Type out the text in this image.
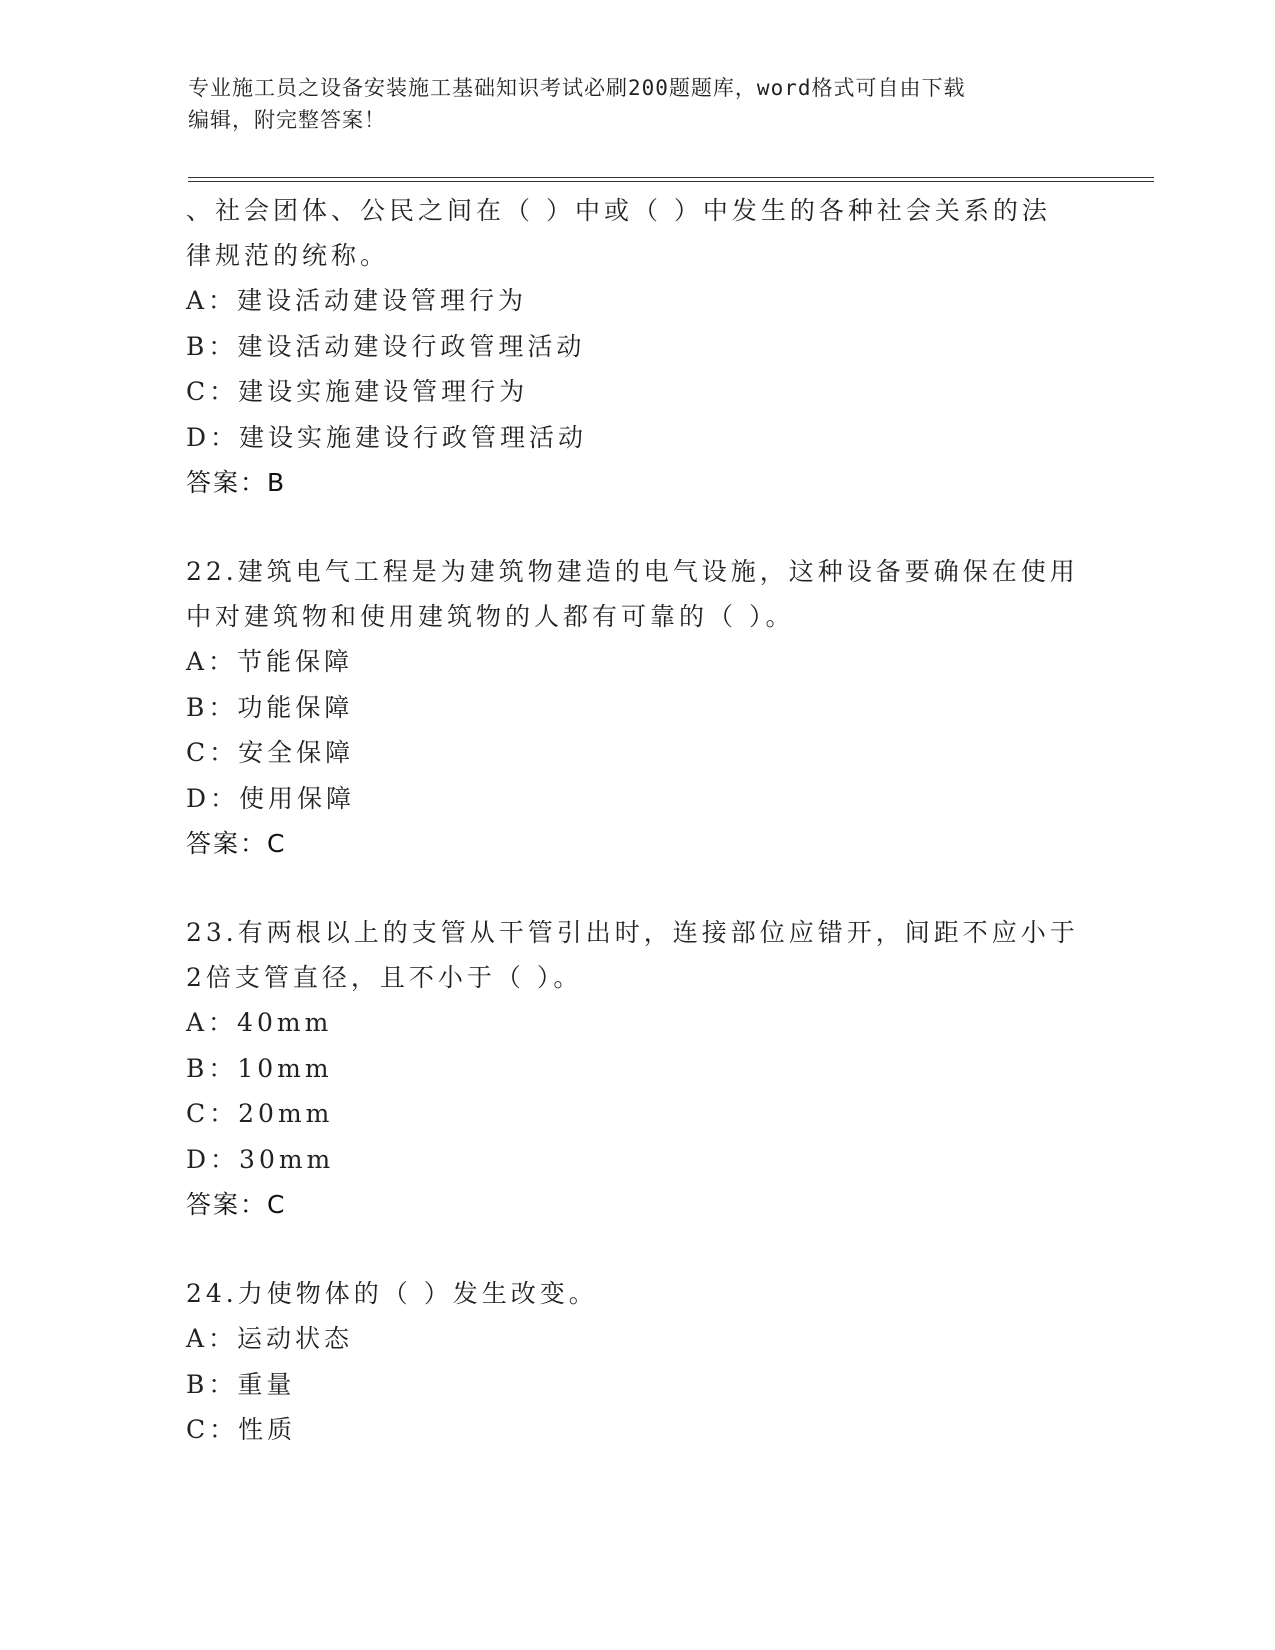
专业施工员之设备安装施工基础知识考试必刷200题题库，word格式可自由下载
编辑，附完整答案！
、社会团体、公民之间在（ ）中或（ ）中发生的各种社会关系的法
律规范的统称。
A：建设活动建设管理行为
B：建设活动建设行政管理活动
C：建设实施建设管理行为
D：建设实施建设行政管理活动
答案：B
22.建筑电气工程是为建筑物建造的电气设施，这种设备要确保在使用
中对建筑物和使用建筑物的人都有可靠的（ ）。
A：节能保障
B：功能保障
C：安全保障
D：使用保障
答案：C
23.有两根以上的支管从干管引出时，连接部位应错开，间距不应小于
2倍支管直径，且不小于（ ）。
A：40mm
B：10mm
C：20mm
D：30mm
答案：C
24.力使物体的（ ）发生改变。
A：运动状态
B：重量
C：性质
